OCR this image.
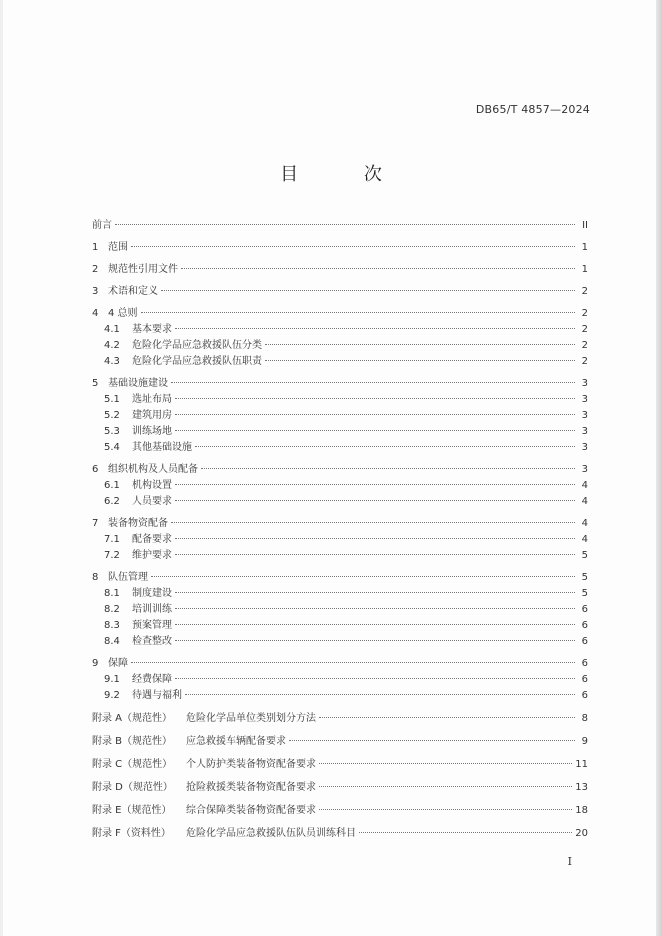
DB65/T 4857—2024
目 次
前言	II
1 范围	1
2 规范性引用文件	1
3 术语和定义	2
4 4 总则	2
4.1	基本要求	2
4.2	危险化学品应急救援队伍分类	2
4.3	危险化学品应急救援队伍职责	2
5 基础设施建设	3
5.1	选址布局	3
5.2	建筑用房	3
5.3	训练场地	3
5.4	其他基础设施	3
6 组织机构及人员配备	3
6.1	机构设置	4
6.2	人员要求	4
7 装备物资配备	4
7.1	配备要求	4
7.2	维护要求	5
8 队伍管理	5
8.1	制度建设	5
8.2	培训训练	6
8.3	预案管理	6
8.4	检查整改	6
9 保障	6
9.1	经费保障	6
9.2	待遇与福利	6
附录 A（规范性）	危险化学品单位类别划分方法	8
附录 B（规范性）	应急救援车辆配备要求	9
附录 C（规范性）	个人防护类装备物资配备要求	11
附录 D（规范性）	抢险救援类装备物资配备要求	13
附录 E（规范性）	综合保障类装备物资配备要求	18
附录 F（资料性）	危险化学品应急救援队伍队员训练科目	20
I
